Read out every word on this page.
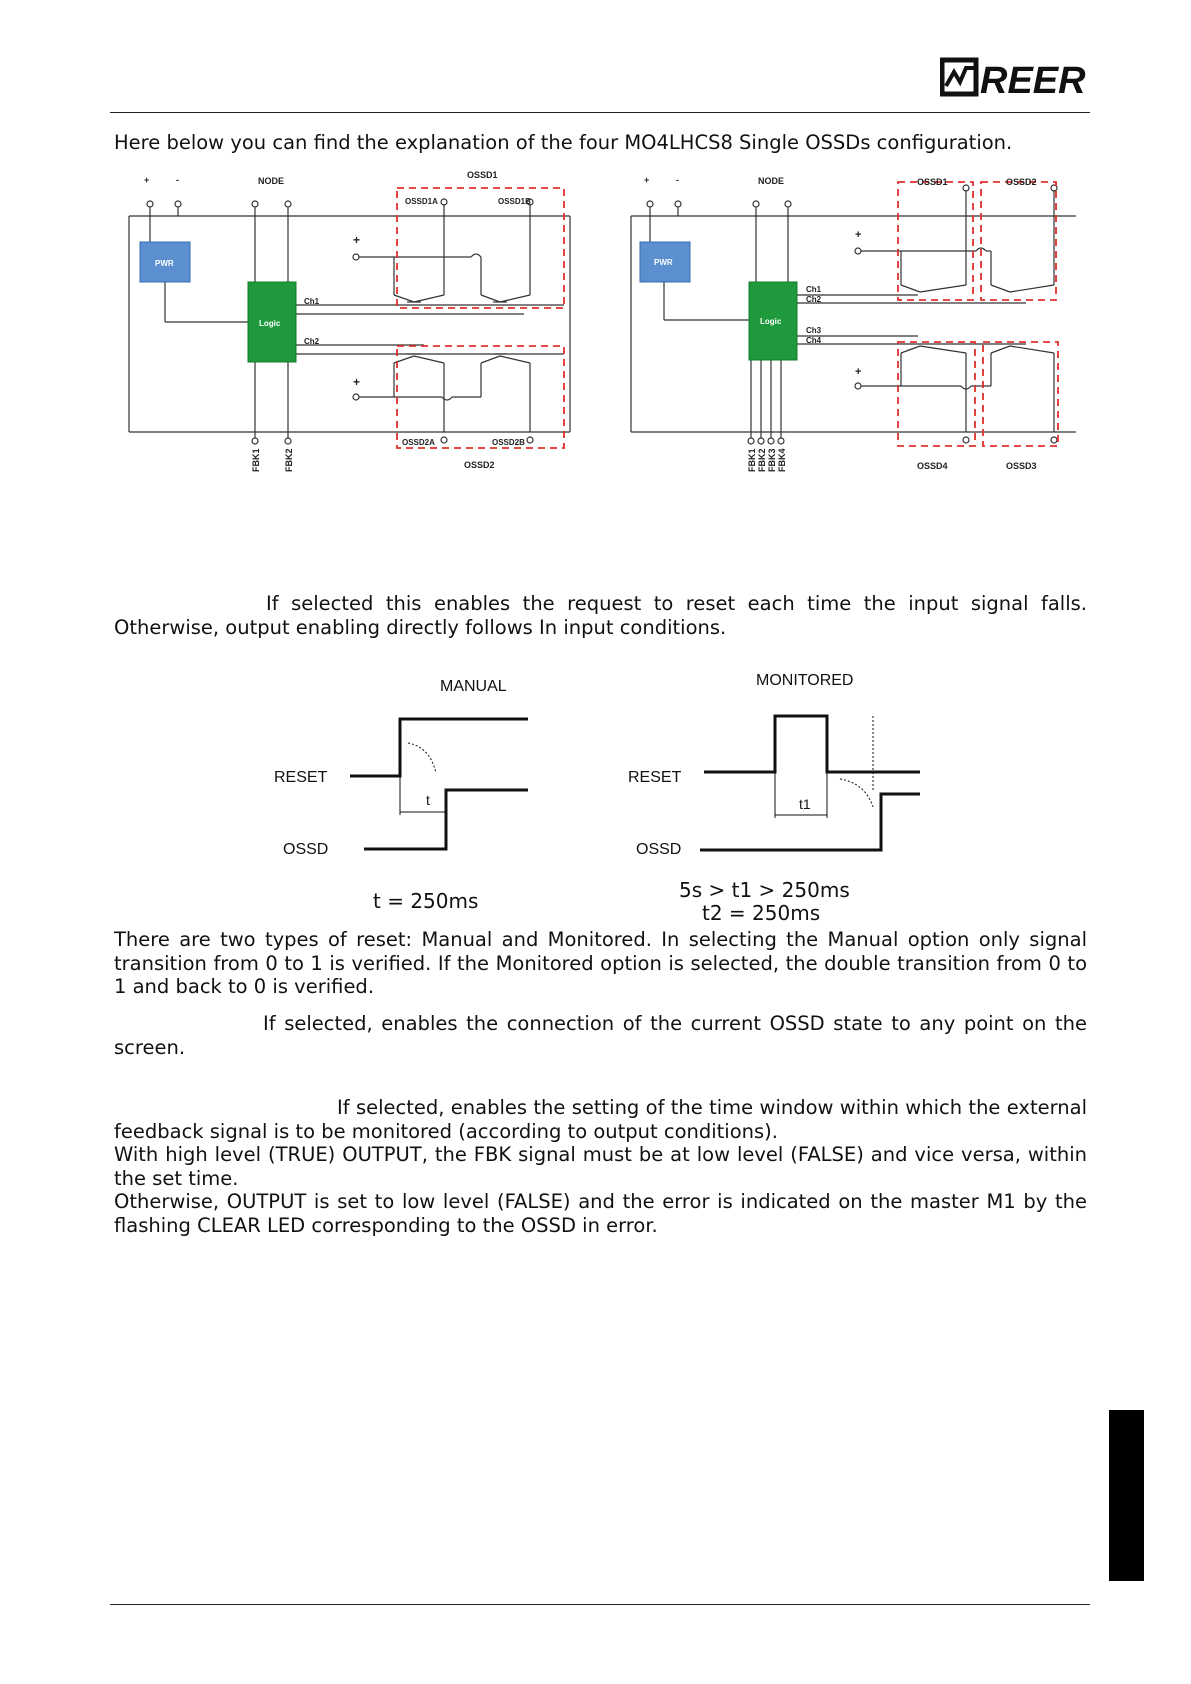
REER
Here below you can find the explanation of the four MO4LHCS8 Single OSSDs configuration.
+	-	NODE
OSSD1
OSSD1A	OSSD1B
OSSD2A	OSSD2B
OSSD2
Ch1
Ch2
+
+
PWR
Logic
FBK1	FBK2
+	-	NODE	OSSD1	OSSD2
OSSD4	OSSD3
Ch1
Ch2
Ch3
Ch4
+
+
PWR
Logic
FBK1 FBK2 FBK3 FBK4
If selected this enables the request to reset each time the input signal falls. Otherwise, output enabling directly follows In input conditions.
MANUAL
RESET
OSSD
t
MONITORED
RESET
OSSD
t1
t = 250ms	5s > t1 > 250ms
t2 = 250ms
There are two types of reset: Manual and Monitored. In selecting the Manual option only signal transition from 0 to 1 is verified. If the Monitored option is selected, the double transition from 0 to 1 and back to 0 is verified.
If selected, enables the connection of the current OSSD state to any point on the screen.
If selected, enables the setting of the time window within which the external feedback signal is to be monitored (according to output conditions).
With high level (TRUE) OUTPUT, the FBK signal must be at low level (FALSE) and vice versa, within the set time.
Otherwise, OUTPUT is set to low level (FALSE) and the error is indicated on the master M1 by the flashing CLEAR LED corresponding to the OSSD in error.
